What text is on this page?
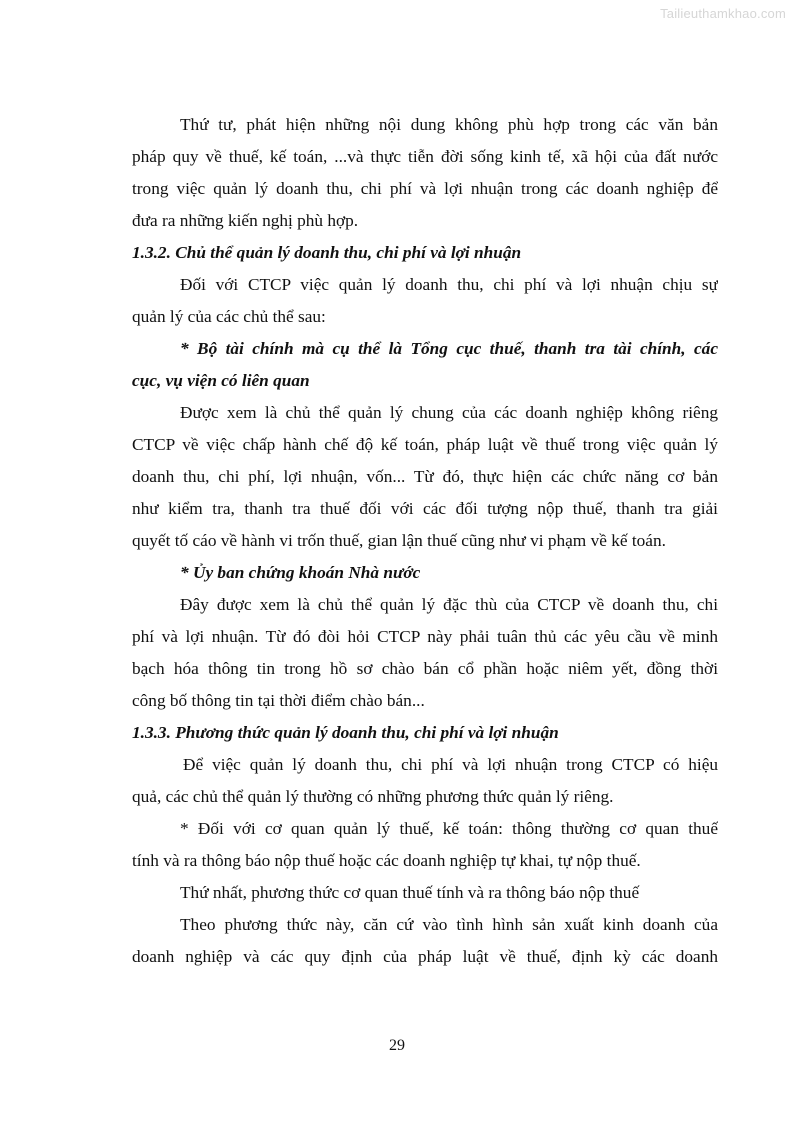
Tailieuthamkhao.com
Thứ tư, phát hiện những nội dung không phù hợp trong các văn bản
pháp quy về thuế, kế toán, ...và thực tiễn đời sống kinh tế, xã hội của đất nước
trong việc quản lý doanh thu, chi phí và lợi nhuận trong các doanh nghiệp để
đưa ra những kiến nghị phù hợp.
1.3.2. Chủ thể quản lý doanh thu, chi phí và lợi nhuận
Đối với CTCP việc quản lý doanh thu, chi phí và lợi nhuận chịu sự
quản lý của các chủ thể sau:
* Bộ tài chính mà cụ thể là Tổng cục thuế, thanh tra tài chính, các
cục, vụ viện có liên quan
Được xem là chủ thể quản lý chung của các doanh nghiệp không riêng
CTCP về việc chấp hành chế độ kế toán, pháp luật về thuế trong việc quản lý
doanh thu, chi phí, lợi nhuận, vốn... Từ đó, thực hiện các chức năng cơ bản
như kiểm tra, thanh tra thuế đối với các đối tượng nộp thuế, thanh tra giải
quyết tố cáo về hành vi trốn thuế, gian lận thuế cũng như vi phạm về kế toán.
* Ủy ban chứng khoán Nhà nước
Đây được xem là chủ thể quản lý đặc thù của CTCP về doanh thu, chi
phí và lợi nhuận. Từ đó đòi hỏi CTCP này phải tuân thủ các yêu cầu về minh
bạch hóa thông tin trong hồ sơ chào bán cổ phần hoặc niêm yết, đồng thời
công bố thông tin tại thời điểm chào bán...
1.3.3. Phương thức quản lý doanh thu, chi phí và lợi nhuận
Để việc quản lý doanh thu, chi phí và lợi nhuận trong CTCP có hiệu
quả, các chủ thể quản lý thường có những phương thức quản lý riêng.
* Đối với cơ quan quản lý thuế, kế toán: thông thường cơ quan thuế
tính và ra thông báo nộp thuế hoặc các doanh nghiệp tự khai, tự nộp thuế.
Thứ nhất, phương thức cơ quan thuế tính và ra thông báo nộp thuế
Theo phương thức này, căn cứ vào tình hình sản xuất kinh doanh của
doanh nghiệp và các quy định của pháp luật về thuế, định kỳ các doanh
29
